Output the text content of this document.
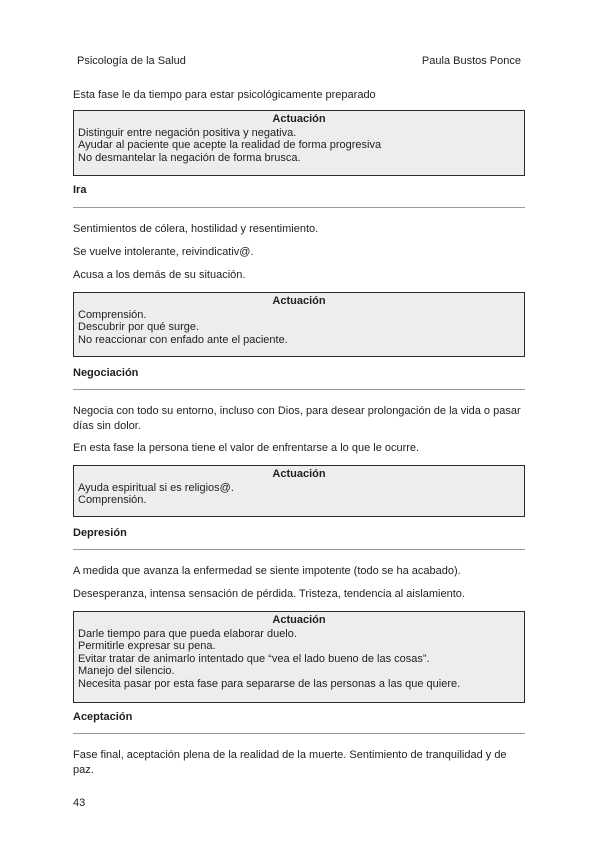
Psicología de la Salud	Paula Bustos Ponce

Esta fase le da tiempo para estar psicológicamente preparado

Actuación
Distinguir entre negación positiva y negativa.
Ayudar al paciente que acepte la realidad de forma progresiva
No desmantelar la negación de forma brusca.
Ira

Sentimientos de cólera, hostilidad y resentimiento.

Se vuelve intolerante, reivindicativ@.

Acusa a los demás de su situación.

Actuación
Comprensión.
Descubrir por qué surge.
No reaccionar con enfado ante el paciente.
Negociación

Negocia con todo su entorno, incluso con Dios, para desear prolongación de la vida o pasar días sin dolor.

En esta fase la persona tiene el valor de enfrentarse a lo que le ocurre.

Actuación
Ayuda espiritual si es religios@.
Comprensión.
Depresión

A medida que avanza la enfermedad se siente impotente (todo se ha acabado).

Desesperanza, intensa sensación de pérdida. Tristeza, tendencia al aislamiento.

Actuación
Darle tiempo para que pueda elaborar duelo.
Permitirle expresar su pena.
Evitar tratar de animarlo intentado que “vea el lado bueno de las cosas”.
Manejo del silencio.
Necesita pasar por esta fase para separarse de las personas a las que quiere.
Aceptación

Fase final, aceptación plena de la realidad de la muerte. Sentimiento de tranquilidad y de paz.

43
